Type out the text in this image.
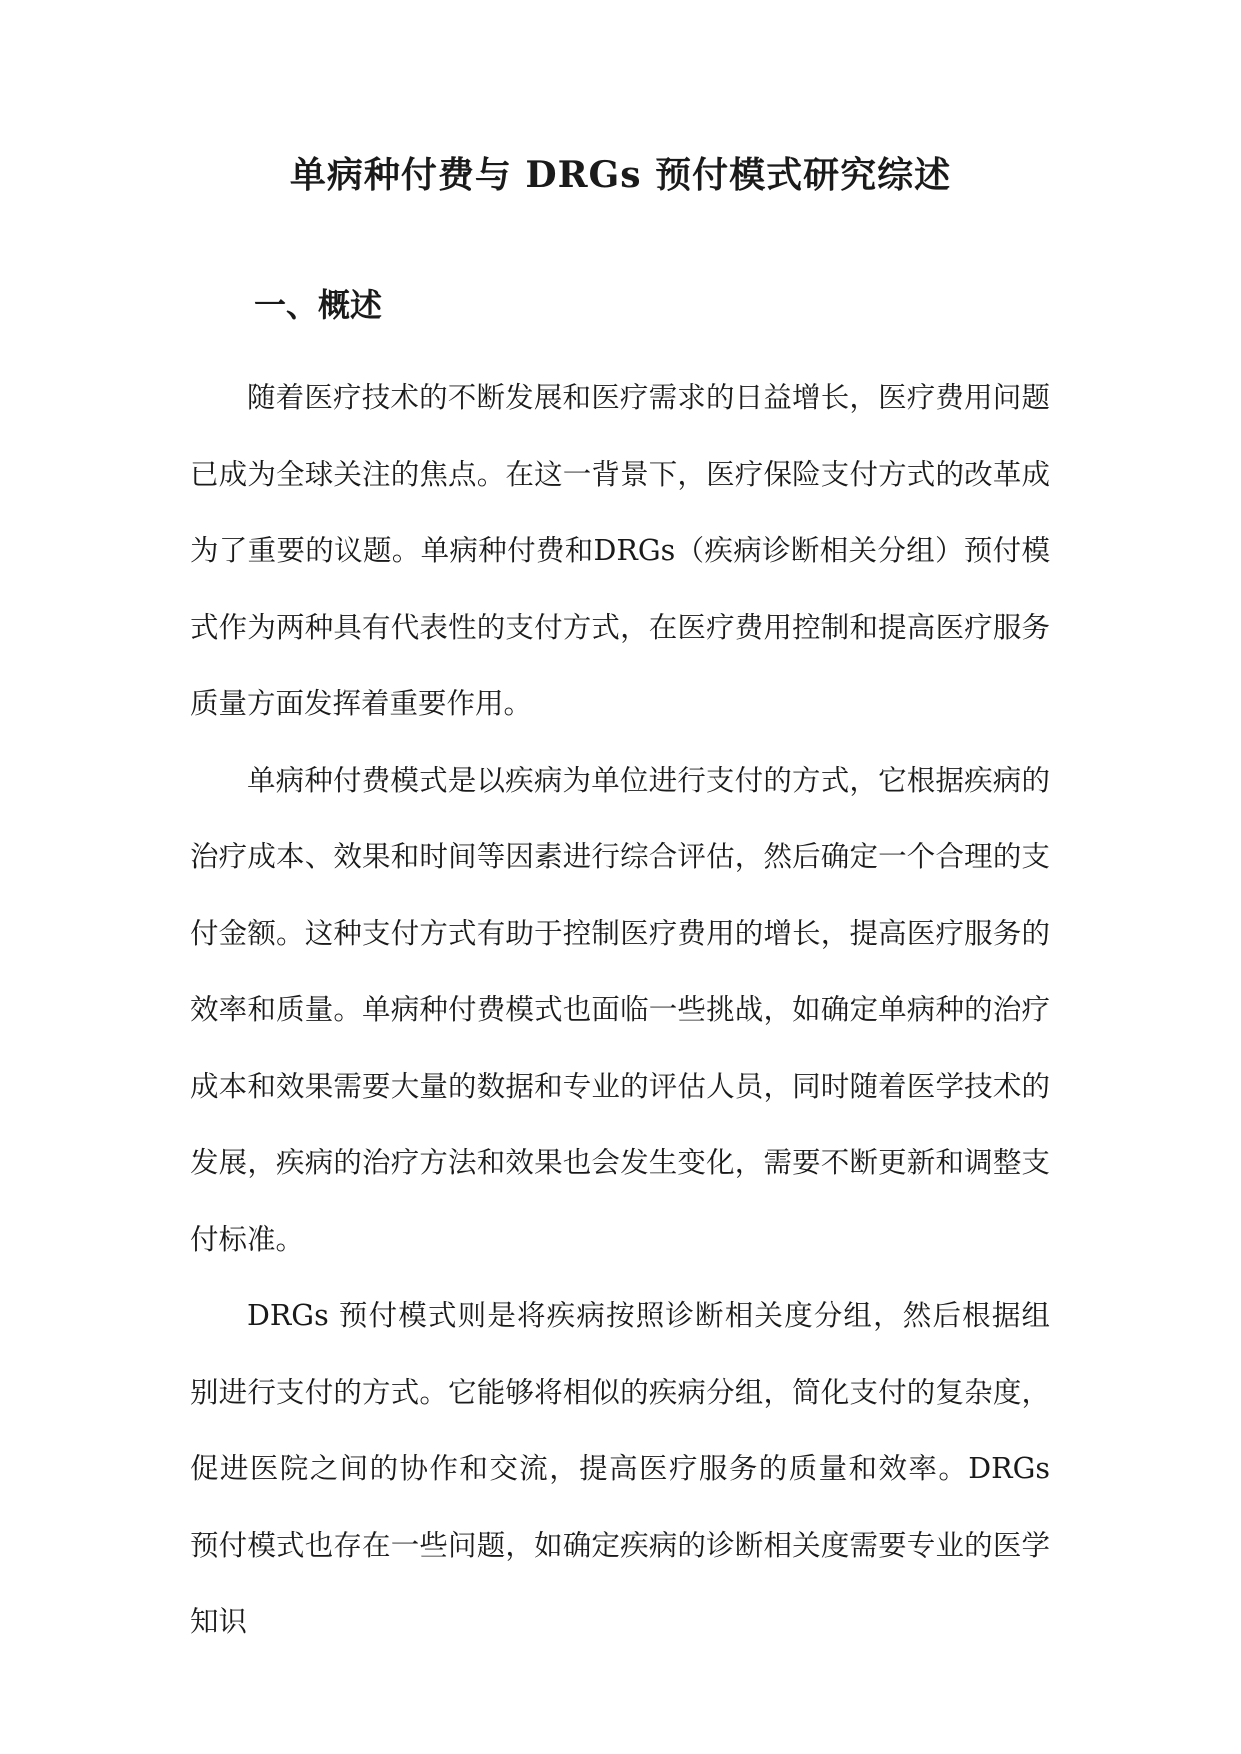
单病种付费与 DRGs 预付模式研究综述
一、概述

随着医疗技术的不断发展和医疗需求的日益增长，医疗费用问题已成为全球关注的焦点。在这一背景下，医疗保险支付方式的改革成为了重要的议题。单病种付费和DRGs（疾病诊断相关分组）预付模式作为两种具有代表性的支付方式，在医疗费用控制和提高医疗服务质量方面发挥着重要作用。

单病种付费模式是以疾病为单位进行支付的方式，它根据疾病的治疗成本、效果和时间等因素进行综合评估，然后确定一个合理的支付金额。这种支付方式有助于控制医疗费用的增长，提高医疗服务的效率和质量。单病种付费模式也面临一些挑战，如确定单病种的治疗成本和效果需要大量的数据和专业的评估人员，同时随着医学技术的发展，疾病的治疗方法和效果也会发生变化，需要不断更新和调整支付标准。

DRGs 预付模式则是将疾病按照诊断相关度分组，然后根据组别进行支付的方式。它能够将相似的疾病分组，简化支付的复杂度，促进医院之间的协作和交流，提高医疗服务的质量和效率。DRGs 预付模式也存在一些问题，如确定疾病的诊断相关度需要专业的医学知识
